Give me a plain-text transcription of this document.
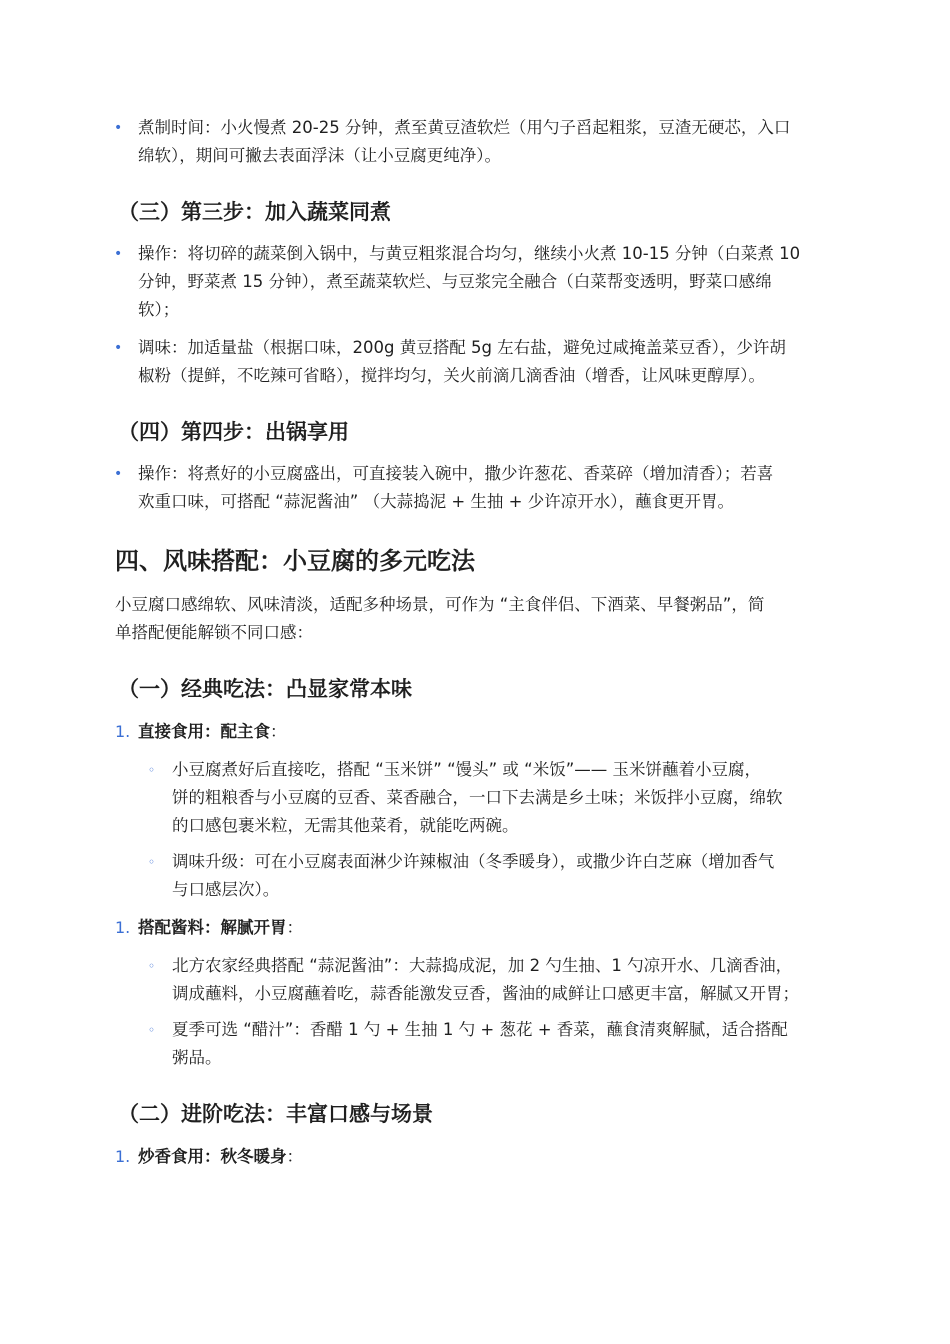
• 煮制时间：小火慢煮 20-25 分钟，煮至黄豆渣软烂（用勺子舀起粗浆，豆渣无硬芯，入口
绵软），期间可撇去表面浮沫（让小豆腐更纯净）。
（三）第三步：加入蔬菜同煮
• 操作：将切碎的蔬菜倒入锅中，与黄豆粗浆混合均匀，继续小火煮 10-15 分钟（白菜煮 10
分钟，野菜煮 15 分钟），煮至蔬菜软烂、与豆浆完全融合（白菜帮变透明，野菜口感绵
软）；
• 调味：加适量盐（根据口味，200g 黄豆搭配 5g 左右盐，避免过咸掩盖菜豆香），少许胡
椒粉（提鲜，不吃辣可省略），搅拌均匀，关火前滴几滴香油（增香，让风味更醇厚）。
（四）第四步：出锅享用
• 操作：将煮好的小豆腐盛出，可直接装入碗中，撒少许葱花、香菜碎（增加清香）；若喜
欢重口味，可搭配 “蒜泥酱油” （大蒜捣泥 + 生抽 + 少许凉开水），蘸食更开胃。
四、风味搭配：小豆腐的多元吃法
小豆腐口感绵软、风味清淡，适配多种场景，可作为 “主食伴侣、下酒菜、早餐粥品”，简
单搭配便能解锁不同口感：
（一）经典吃法：凸显家常本味
1. 直接食用：配主食：
◦ 小豆腐煮好后直接吃，搭配 “玉米饼” “馒头” 或 “米饭”—— 玉米饼蘸着小豆腐，
饼的粗粮香与小豆腐的豆香、菜香融合，一口下去满是乡土味；米饭拌小豆腐，绵软
的口感包裹米粒，无需其他菜肴，就能吃两碗。
◦ 调味升级：可在小豆腐表面淋少许辣椒油（冬季暖身），或撒少许白芝麻（增加香气
与口感层次）。
1. 搭配酱料：解腻开胃：
◦ 北方农家经典搭配 “蒜泥酱油”：大蒜捣成泥，加 2 勺生抽、1 勺凉开水、几滴香油，
调成蘸料，小豆腐蘸着吃，蒜香能激发豆香，酱油的咸鲜让口感更丰富，解腻又开胃；
◦ 夏季可选 “醋汁”：香醋 1 勺 + 生抽 1 勺 + 葱花 + 香菜，蘸食清爽解腻，适合搭配
粥品。
（二）进阶吃法：丰富口感与场景
1. 炒香食用：秋冬暖身：
